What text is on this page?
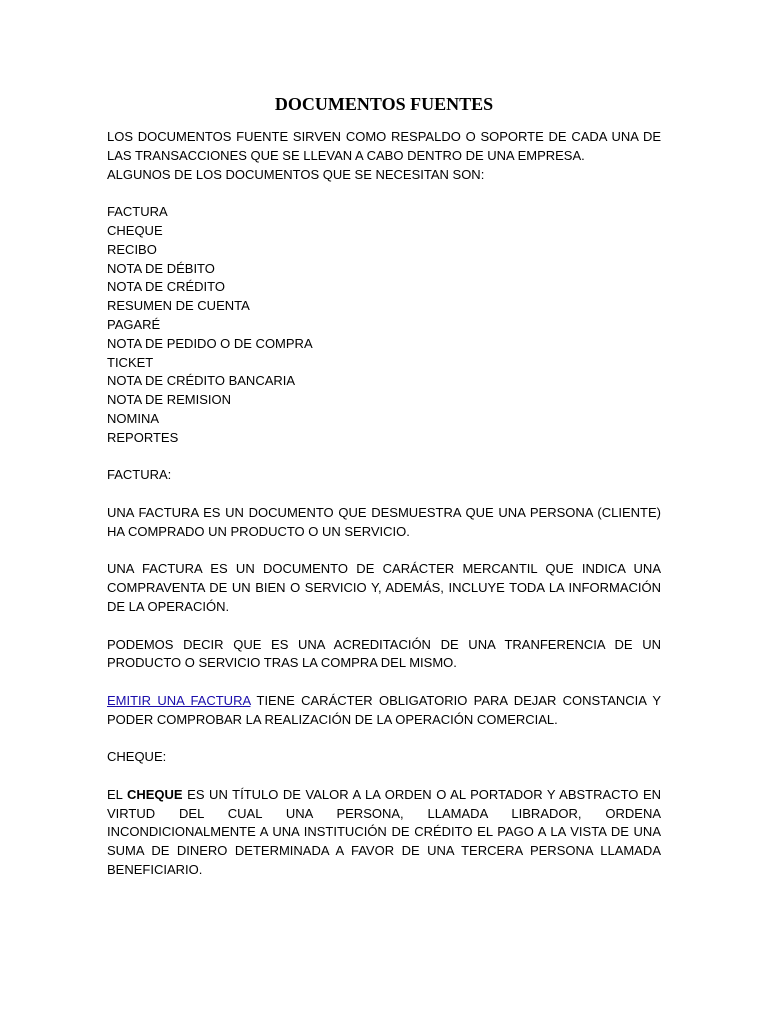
DOCUMENTOS FUENTES

LOS DOCUMENTOS FUENTE SIRVEN COMO RESPALDO O SOPORTE DE CADA UNA DE LAS TRANSACCIONES QUE SE LLEVAN A CABO DENTRO DE UNA EMPRESA.

ALGUNOS DE LOS DOCUMENTOS QUE SE NECESITAN SON:

FACTURA
CHEQUE
RECIBO
NOTA DE DÉBITO
NOTA DE CRÉDITO
RESUMEN DE CUENTA
PAGARÉ
NOTA DE PEDIDO O DE COMPRA
TICKET
NOTA DE CRÉDITO BANCARIA
NOTA DE REMISION
NOMINA
REPORTES

FACTURA:

UNA FACTURA ES UN DOCUMENTO QUE DESMUESTRA QUE UNA PERSONA (CLIENTE) HA COMPRADO UN PRODUCTO O UN SERVICIO.

UNA FACTURA ES UN DOCUMENTO DE CARÁCTER MERCANTIL QUE INDICA UNA COMPRAVENTA DE UN BIEN O SERVICIO Y, ADEMÁS, INCLUYE TODA LA INFORMACIÓN DE LA OPERACIÓN.

PODEMOS DECIR QUE ES UNA ACREDITACIÓN DE UNA TRANFERENCIA DE UN PRODUCTO O SERVICIO TRAS LA COMPRA DEL MISMO.

EMITIR UNA FACTURA TIENE CARÁCTER OBLIGATORIO PARA DEJAR CONSTANCIA Y PODER COMPROBAR LA REALIZACIÓN DE LA OPERACIÓN COMERCIAL.

CHEQUE:

EL CHEQUE ES UN TÍTULO DE VALOR A LA ORDEN O AL PORTADOR Y ABSTRACTO EN VIRTUD DEL CUAL UNA PERSONA, LLAMADA LIBRADOR, ORDENA INCONDICIONALMENTE A UNA INSTITUCIÓN DE CRÉDITO EL PAGO A LA VISTA DE UNA SUMA DE DINERO DETERMINADA A FAVOR DE UNA TERCERA PERSONA LLAMADA BENEFICIARIO.
